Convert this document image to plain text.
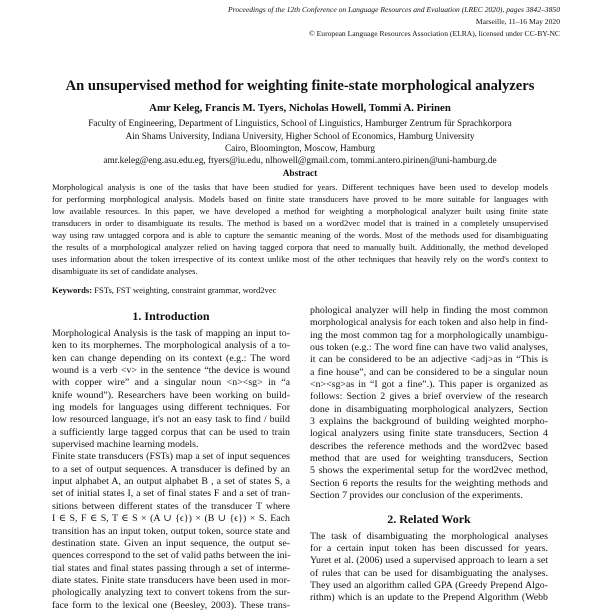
Proceedings of the 12th Conference on Language Resources and Evaluation (LREC 2020), pages 3842–3850
Marseille, 11–16 May 2020
© European Language Resources Association (ELRA), licensed under CC-BY-NC
An unsupervised method for weighting finite-state morphological analyzers
Amr Keleg, Francis M. Tyers, Nicholas Howell, Tommi A. Pirinen
Faculty of Engineering, Department of Linguistics, School of Linguistics, Hamburger Zentrum für Sprachkorpora
Ain Shams University, Indiana University, Higher School of Economics, Hamburg University
Cairo, Bloomington, Moscow, Hamburg
amr.keleg@eng.asu.edu.eg, ftyers@iu.edu, nlhowell@gmail.com, tommi.antero.pirinen@uni-hamburg.de
Abstract
Morphological analysis is one of the tasks that have been studied for years. Different techniques have been used to develop models
for performing morphological analysis. Models based on finite state transducers have proved to be more suitable for languages with
low available resources. In this paper, we have developed a method for weighting a morphological analyzer built using finite state
transducers in order to disambiguate its results. The method is based on a word2vec model that is trained in a completely unsupervised
way using raw untagged corpora and is able to capture the semantic meaning of the words. Most of the methods used for disambiguating
the results of a morphological analyzer relied on having tagged corpora that need to manually built. Additionally, the method developed
uses information about the token irrespective of its context unlike most of the other techniques that heavily rely on the word's context to
disambiguate its set of candidate analyses.
Keywords: FSTs, FST weighting, constraint grammar, word2vec
1. Introduction
Morphological Analysis is the task of mapping an input to-
ken to its morphemes. The morphological analysis of a to-
ken can change depending on its context (e.g.: The word
wound is a verb <v> in the sentence “the device is wound
with copper wire” and a singular noun <n><sg> in “a
knife wound”). Researchers have been working on build-
ing models for languages using different techniques. For
low resourced language, it's not an easy task to find / build
a sufficiently large tagged corpus that can be used to train
supervised machine learning models.
Finite state transducers (FSTs) map a set of input sequences
to a set of output sequences. A transducer is defined by an
input alphabet A, an output alphabet B , a set of states S, a
set of initial states I, a set of final states F and a set of tran-
sitions between different states of the transducer T where
I ∈ S, F ∈ S, T ∈ S × (A ∪ {ϵ}) × (B ∪ {ϵ}) × S. Each
transition has an input token, output token, source state and
destination state. Given an input sequence, the output se-
quences correspond to the set of valid paths between the ini-
tial states and final states passing through a set of interme-
diate states. Finite state transducers have been used in mor-
phologically analyzing text to convert tokens from the sur-
face form to the lexical one (Beesley, 2003). These trans-
phological analyzer will help in finding the most common
morphological analysis for each token and also help in find-
ing the most common tag for a morphologically unambigu-
ous token (e.g.: The word fine can have two valid analyses,
it can be considered to be an adjective <adj>as in “This is
a fine house”, and can be considered to be a singular noun
<n><sg>as in “I got a fine”.). This paper is organized as
follows: Section 2 gives a brief overview of the research
done in disambiguating morphological analyzers, Section
3 explains the background of building weighted morpho-
logical analyzers using finite state transducers, Section 4
describes the reference methods and the word2vec based
method that are used for weighting transducers, Section
5 shows the experimental setup for the word2vec method,
Section 6 reports the results for the weighting methods and
Section 7 provides our conclusion of the experiments.
2. Related Work
The task of disambiguating the morphological analyses
for a certain input token has been discussed for years.
Yuret et al. (2006) used a supervised approach to learn a set
of rules that can be used for disambiguating the analyses.
They used an algorithm called GPA (Greedy Prepend Algo-
rithm) which is an update to the Prepend Algorithm (Webb
